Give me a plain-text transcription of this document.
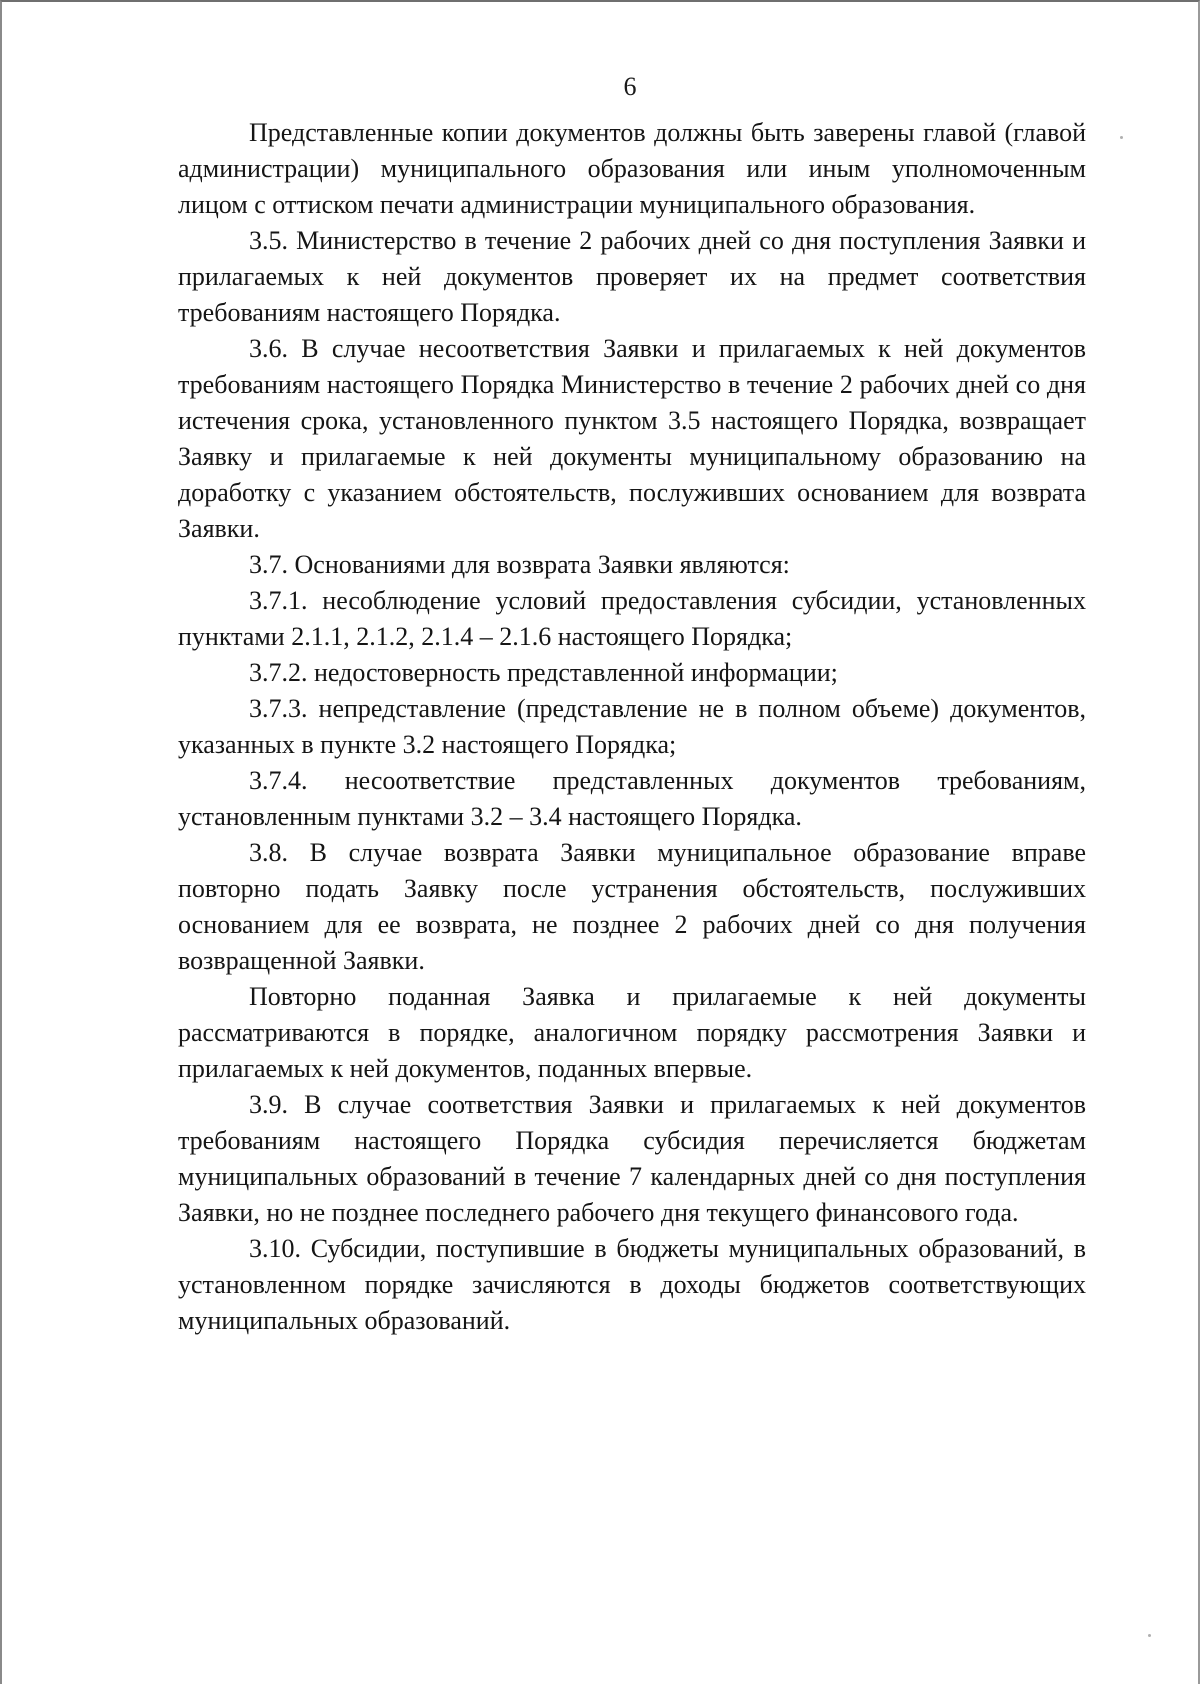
6

Представленные копии документов должны быть заверены главой (главой администрации) муниципального образования или иным уполномоченным лицом с оттиском печати администрации муниципального образования.

3.5. Министерство в течение 2 рабочих дней со дня поступления Заявки и прилагаемых к ней документов проверяет их на предмет соответствия требованиям настоящего Порядка.

3.6. В случае несоответствия Заявки и прилагаемых к ней документов требованиям настоящего Порядка Министерство в течение 2 рабочих дней со дня истечения срока, установленного пунктом 3.5 настоящего Порядка, возвращает Заявку и прилагаемые к ней документы муниципальному образованию на доработку с указанием обстоятельств, послуживших основанием для возврата Заявки.

3.7. Основаниями для возврата Заявки являются:

3.7.1. несоблюдение условий предоставления субсидии, установленных пунктами 2.1.1, 2.1.2, 2.1.4 – 2.1.6 настоящего Порядка;

3.7.2. недостоверность представленной информации;

3.7.3. непредставление (представление не в полном объеме) документов, указанных в пункте 3.2 настоящего Порядка;

3.7.4. несоответствие представленных документов требованиям, установленным пунктами 3.2 – 3.4 настоящего Порядка.

3.8. В случае возврата Заявки муниципальное образование вправе повторно подать Заявку после устранения обстоятельств, послуживших основанием для ее возврата, не позднее 2 рабочих дней со дня получения возвращенной Заявки.

Повторно поданная Заявка и прилагаемые к ней документы рассматриваются в порядке, аналогичном порядку рассмотрения Заявки и прилагаемых к ней документов, поданных впервые.

3.9. В случае соответствия Заявки и прилагаемых к ней документов требованиям настоящего Порядка субсидия перечисляется бюджетам муниципальных образований в течение 7 календарных дней со дня поступления Заявки, но не позднее последнего рабочего дня текущего финансового года.

3.10. Субсидии, поступившие в бюджеты муниципальных образований, в установленном порядке зачисляются в доходы бюджетов соответствующих муниципальных образований.
